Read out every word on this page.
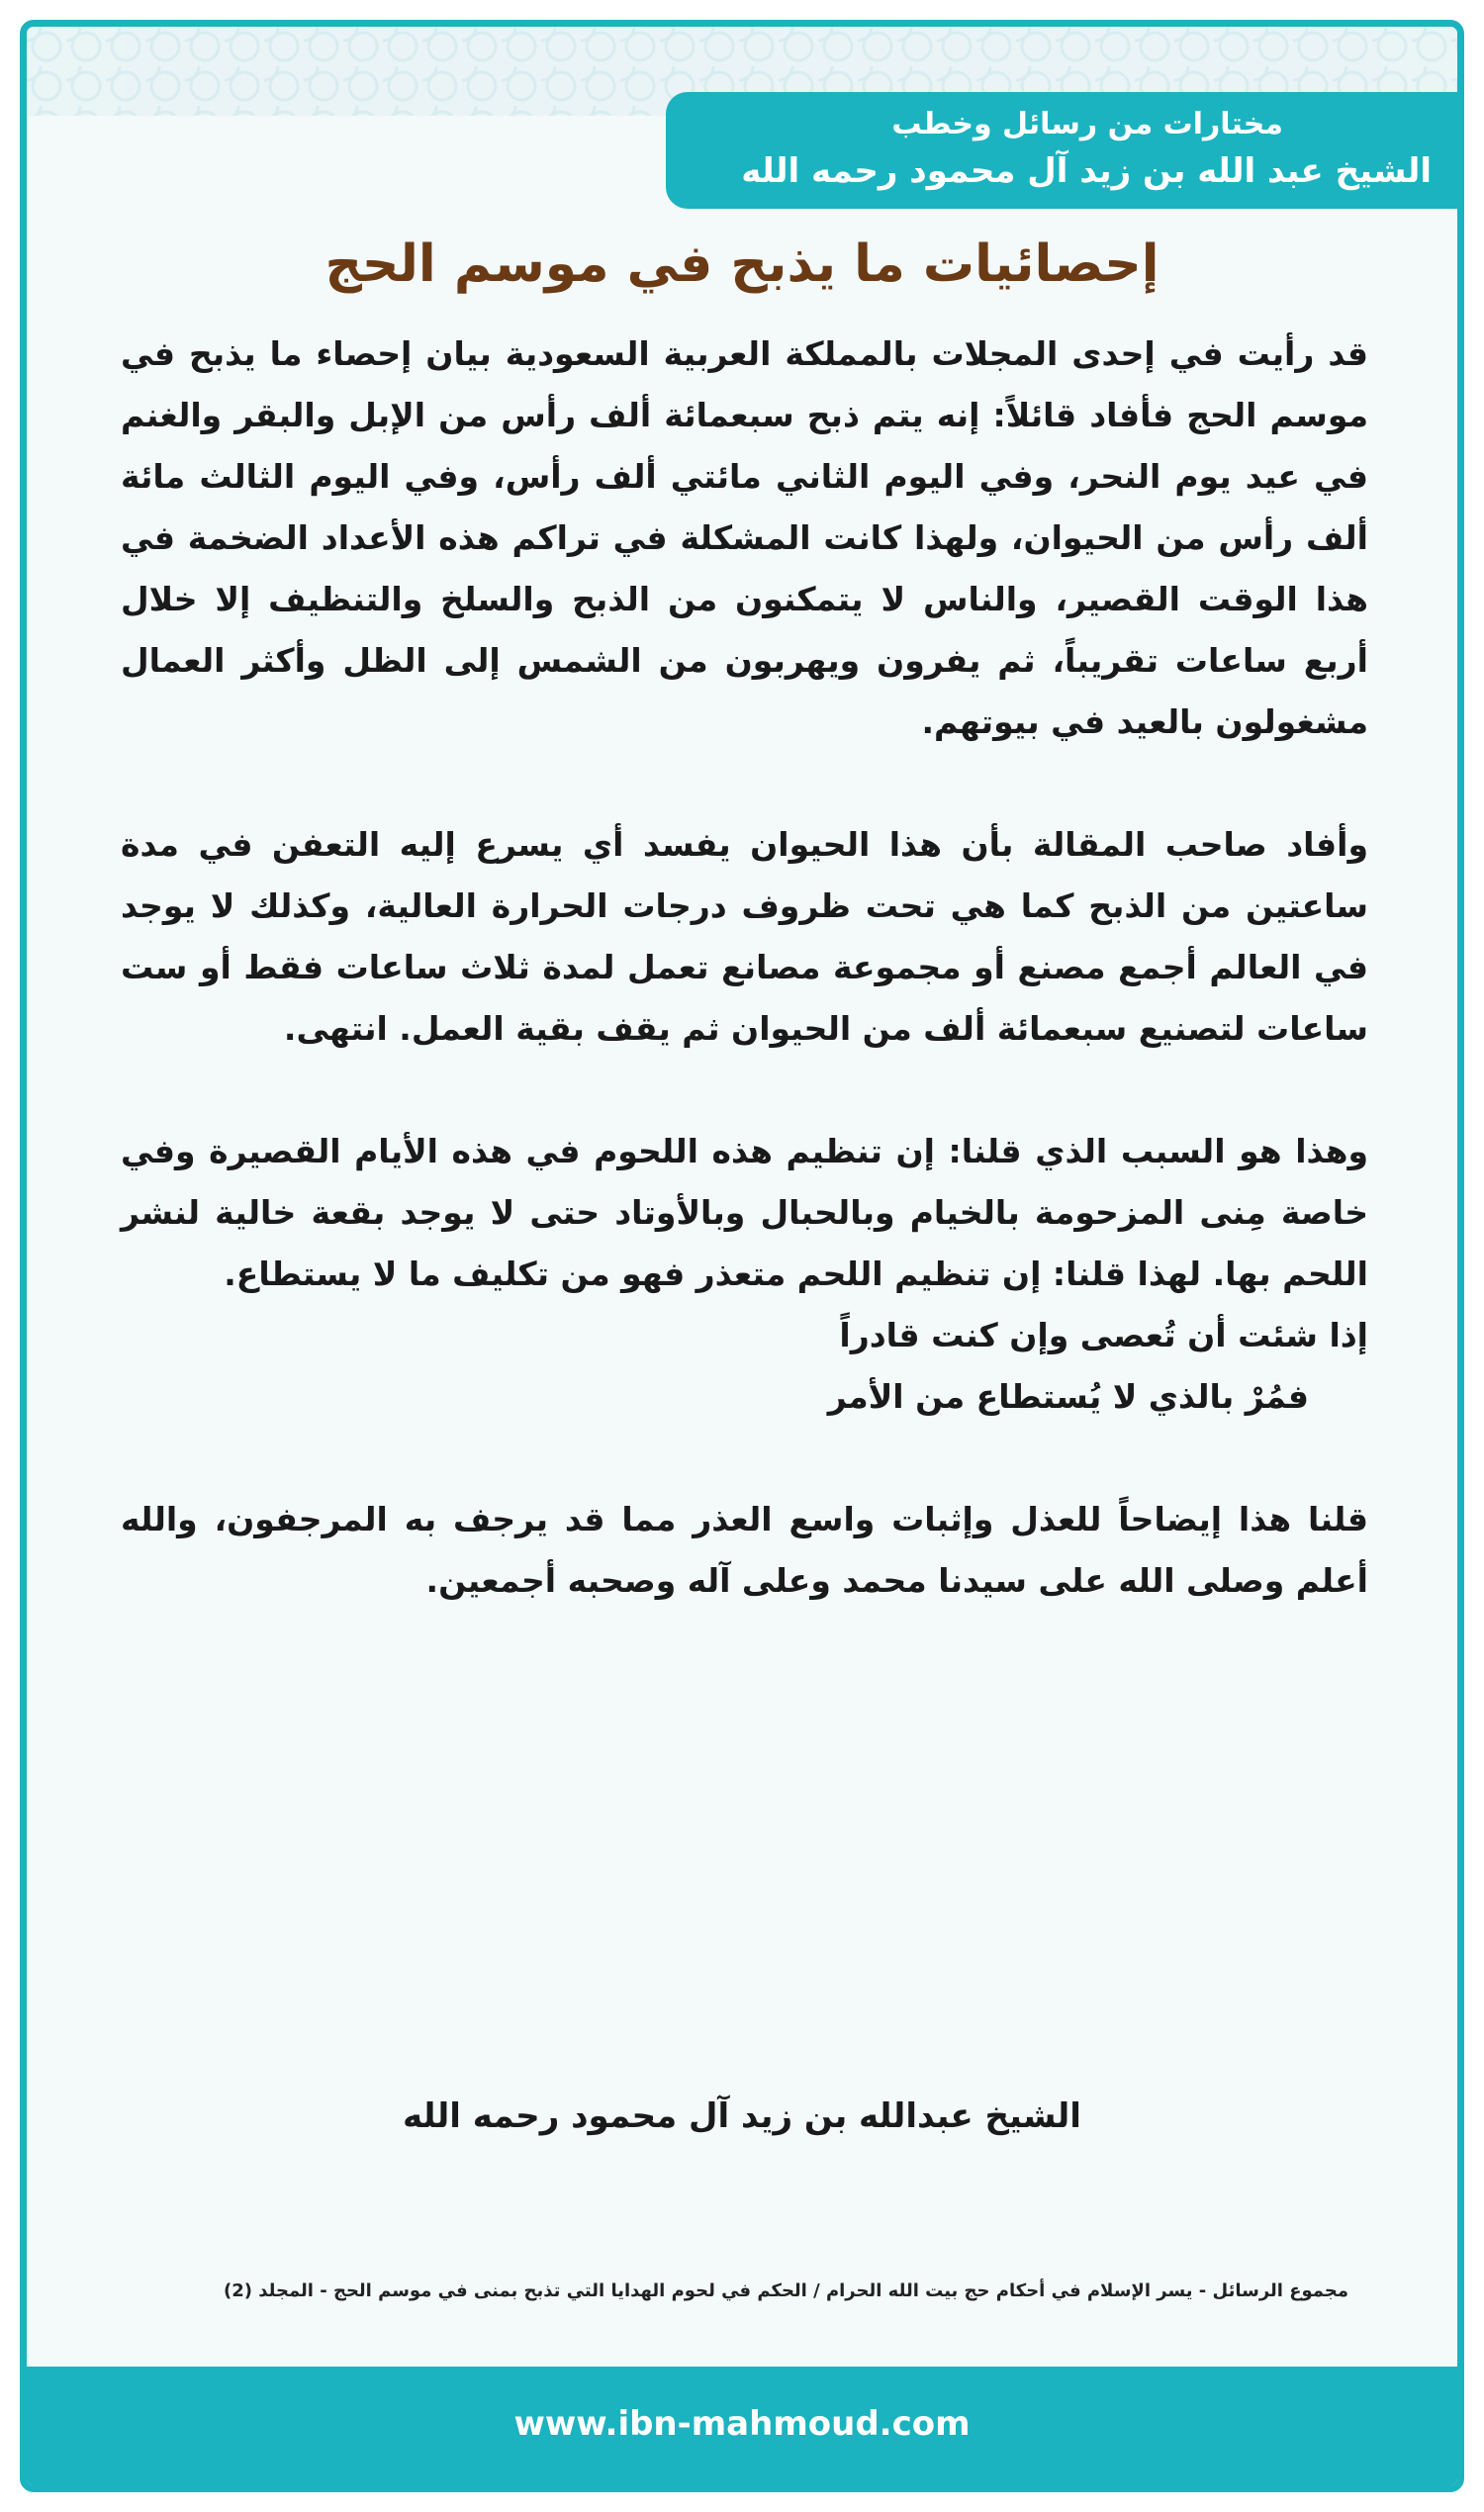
مختارات من رسائل وخطب
الشيخ عبد الله بن زيد آل محمود رحمه الله
إحصائيات ما يذبح في موسم الحج

قد رأيت في إحدى المجلات بالمملكة العربية السعودية بيان إحصاء ما يذبح في موسم الحج فأفاد قائلاً: إنه يتم ذبح سبعمائة ألف رأس من الإبل والبقر والغنم في عيد يوم النحر، وفي اليوم الثاني مائتي ألف رأس، وفي اليوم الثالث مائة ألف رأس من الحيوان، ولهذا كانت المشكلة في تراكم هذه الأعداد الضخمة في هذا الوقت القصير، والناس لا يتمكنون من الذبح والسلخ والتنظيف إلا خلال أربع ساعات تقريباً، ثم يفرون ويهربون من الشمس إلى الظل وأكثر العمال مشغولون بالعيد في بيوتهم.

وأفاد صاحب المقالة بأن هذا الحيوان يفسد أي يسرع إليه التعفن في مدة ساعتين من الذبح كما هي تحت ظروف درجات الحرارة العالية، وكذلك لا يوجد في العالم أجمع مصنع أو مجموعة مصانع تعمل لمدة ثلاث ساعات فقط أو ست ساعات لتصنيع سبعمائة ألف من الحيوان ثم يقف بقية العمل. انتهى.

وهذا هو السبب الذي قلنا: إن تنظيم هذه اللحوم في هذه الأيام القصيرة وفي خاصة مِنى المزحومة بالخيام وبالحبال وبالأوتاد حتى لا يوجد بقعة خالية لنشر اللحم بها. لهذا قلنا: إن تنظيم اللحم متعذر فهو من تكليف ما لا يستطاع.

إذا شئت أن تُعصى وإن كنت قادراً
فمُرْ بالذي لا يُستطاع من الأمر

قلنا هذا إيضاحاً للعذل وإثبات واسع العذر مما قد يرجف به المرجفون، والله أعلم وصلى الله على سيدنا محمد وعلى آله وصحبه أجمعين.

الشيخ عبدالله بن زيد آل محمود رحمه الله
مجموع الرسائل - يسر الإسلام في أحكام حج بيت الله الحرام / الحكم في لحوم الهدايا التي تذبح بمنى في موسم الحج - المجلد (2)
www.ibn-mahmoud.com
